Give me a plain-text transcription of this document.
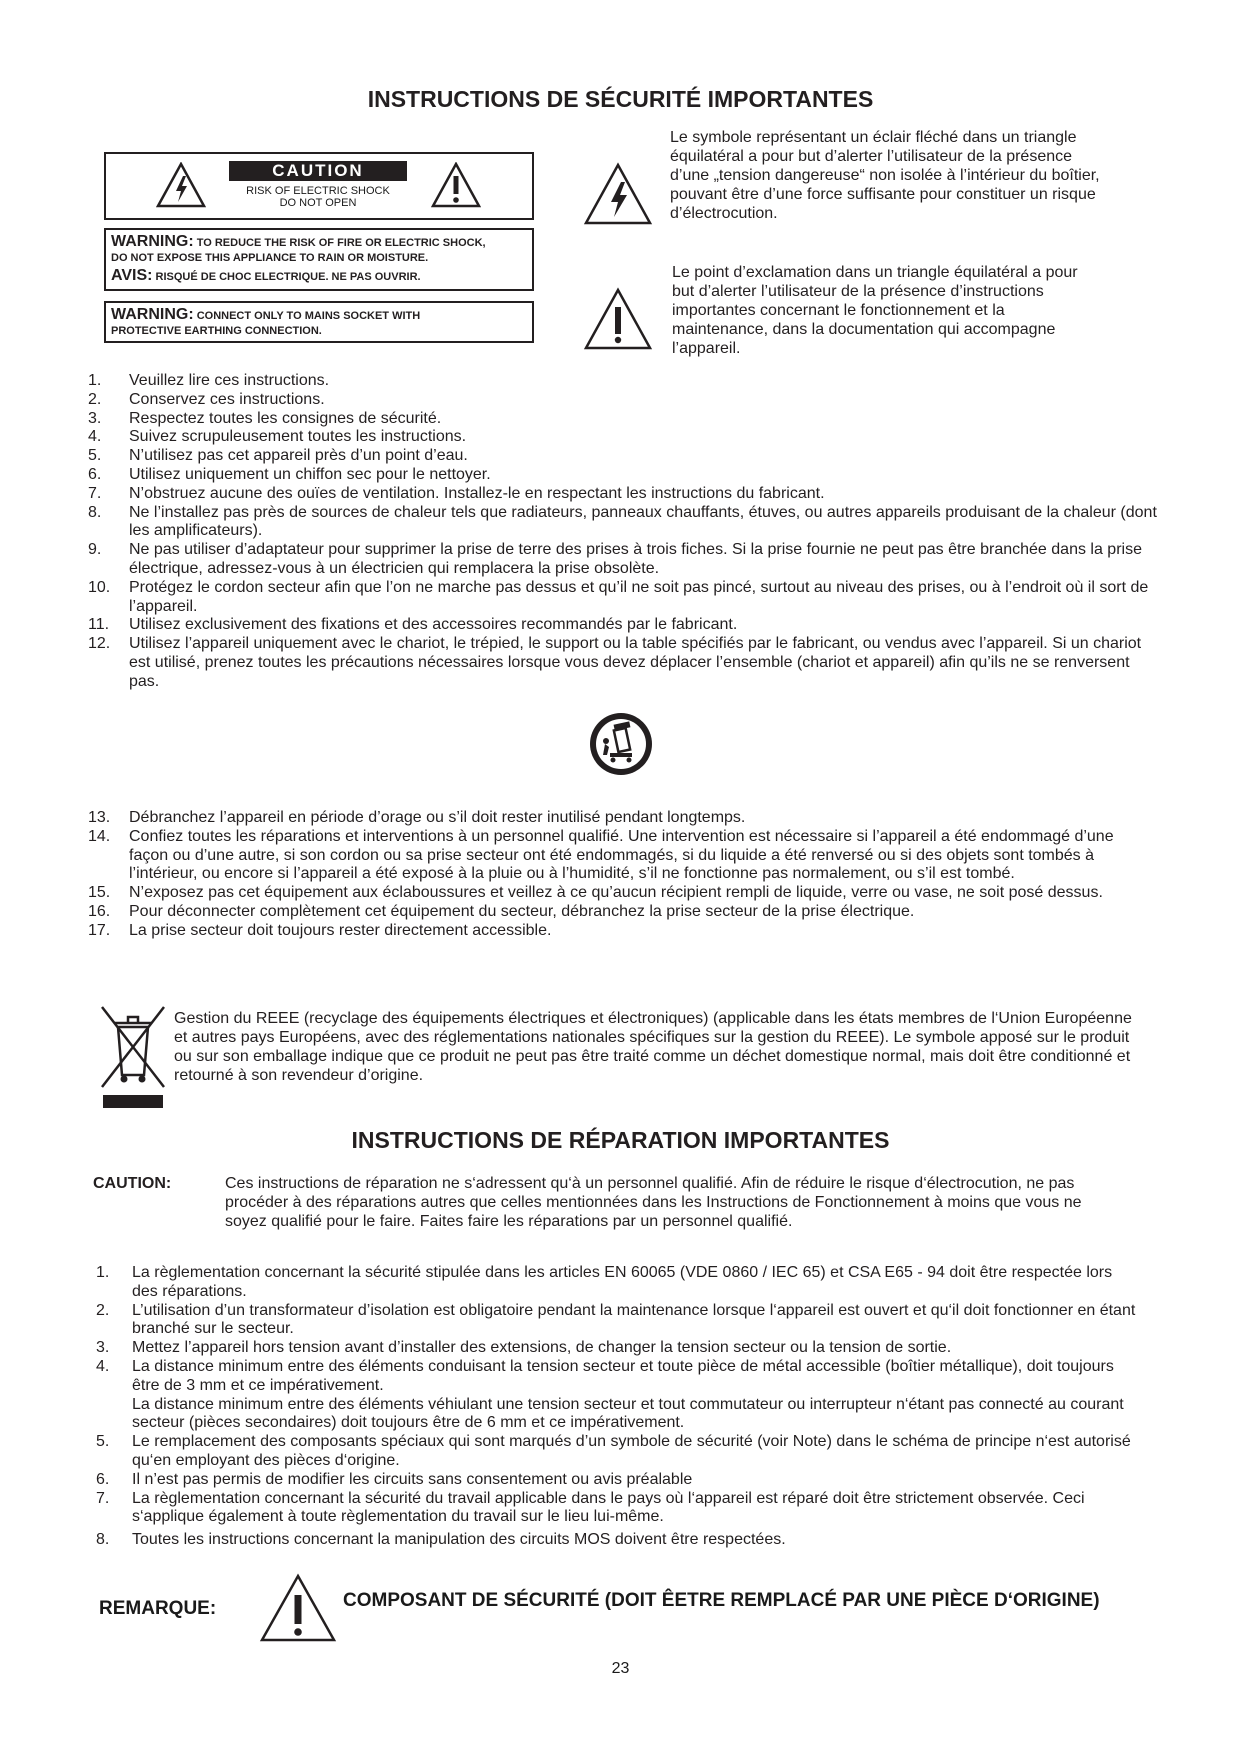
INSTRUCTIONS DE SÉCURITÉ IMPORTANTES
CAUTION
RISK OF ELECTRIC SHOCK
DO NOT OPEN
WARNING: TO REDUCE THE RISK OF FIRE OR ELECTRIC SHOCK,
DO NOT EXPOSE THIS APPLIANCE TO RAIN OR MOISTURE.
AVIS: RISQUÉ DE CHOC ELECTRIQUE. NE PAS OUVRIR.
WARNING: CONNECT ONLY TO MAINS SOCKET WITH
PROTECTIVE EARTHING CONNECTION.
Le symbole représentant un éclair fléché dans un triangle équilatéral a pour but d’alerter l’utilisateur de la présence d’une „tension dangereuse“ non isolée à l’intérieur du boîtier, pouvant être d’une force suffisante pour constituer un risque d’électrocution.
Le point d’exclamation dans un triangle équilatéral a pour but d’alerter l’utilisateur de la présence d’instructions importantes concernant le fonctionnement et la maintenance, dans la documentation qui accompagne l’appareil.
1. Veuillez lire ces instructions.
2. Conservez ces instructions.
3. Respectez toutes les consignes de sécurité.
4. Suivez scrupuleusement toutes les instructions.
5. N’utilisez pas cet appareil près d’un point d’eau.
6. Utilisez uniquement un chiffon sec pour le nettoyer.
7. N’obstruez aucune des ouïes de ventilation. Installez-le en respectant les instructions du fabricant.
8. Ne l’installez pas près de sources de chaleur tels que radiateurs, panneaux chauffants, étuves, ou autres appareils produisant de la chaleur (dont les amplificateurs).
9. Ne pas utiliser d’adaptateur pour supprimer la prise de terre des prises à trois fiches. Si la prise fournie ne peut pas être branchée dans la prise électrique, adressez-vous à un électricien qui remplacera la prise obsolète.
10. Protégez le cordon secteur afin que l’on ne marche pas dessus et qu’il ne soit pas pincé, surtout au niveau des prises, ou à l’endroit où il sort de l’appareil.
11. Utilisez exclusivement des fixations et des accessoires recommandés par le fabricant.
12. Utilisez l’appareil uniquement avec le chariot, le trépied, le support ou la table spécifiés par le fabricant, ou vendus avec l’appareil. Si un chariot est utilisé, prenez toutes les précautions nécessaires lorsque vous devez déplacer l’ensemble (chariot et appareil) afin qu’ils ne se renversent pas.
13. Débranchez l’appareil en période d’orage ou s’il doit rester inutilisé pendant longtemps.
14. Confiez toutes les réparations et interventions à un personnel qualifié. Une intervention est nécessaire si l’appareil a été endommagé d’une façon ou d’une autre, si son cordon ou sa prise secteur ont été endommagés, si du liquide a été renversé ou si des objets sont tombés à l’intérieur, ou encore si l’appareil a été exposé à la pluie ou à l’humidité, s’il ne fonctionne pas normalement, ou s’il est tombé.
15. N’exposez pas cet équipement aux éclaboussures et veillez à ce qu’aucun récipient rempli de liquide, verre ou vase, ne soit posé dessus.
16. Pour déconnecter complètement cet équipement du secteur, débranchez la prise secteur de la prise électrique.
17. La prise secteur doit toujours rester directement accessible.
Gestion du REEE (recyclage des équipements électriques et électroniques) (applicable dans les états membres de l‘Union Européenne et autres pays Européens, avec des réglementations nationales spécifiques sur la gestion du REEE). Le symbole apposé sur le produit ou sur son emballage indique que ce produit ne peut pas être traité comme un déchet domestique normal, mais doit être conditionné et retourné à son revendeur d’origine.
INSTRUCTIONS DE RÉPARATION IMPORTANTES
CAUTION:	Ces instructions de réparation ne s‘adressent qu‘à un personnel qualifié. Afin de réduire le risque d‘électrocution, ne pas procéder à des réparations autres que celles mentionnées dans les Instructions de Fonctionnement à moins que vous ne soyez qualifié pour le faire. Faites faire les réparations par un personnel qualifié.
1. La règlementation concernant la sécurité stipulée dans les articles EN 60065 (VDE 0860 / IEC 65) et CSA E65 - 94 doit être respectée lors des réparations.
2. L’utilisation d’un transformateur d’isolation est obligatoire pendant la maintenance lorsque l‘appareil est ouvert et qu‘il doit fonctionner en étant branché sur le secteur.
3. Mettez l’appareil hors tension avant d’installer des extensions, de changer la tension secteur ou la tension de sortie.
4. La distance minimum entre des éléments conduisant la tension secteur et toute pièce de métal accessible (boîtier métallique), doit toujours être de 3 mm et ce impérativement.
La distance minimum entre des éléments véhiulant une tension secteur et tout commutateur ou interrupteur n‘étant pas connecté au courant secteur (pièces secondaires) doit toujours être de 6 mm et ce impérativement.
5. Le remplacement des composants spéciaux qui sont marqués d’un symbole de sécurité (voir Note) dans le schéma de principe n‘est autorisé qu‘en employant des pièces d‘origine.
6. Il n’est pas permis de modifier les circuits sans consentement ou avis préalable
7. La règlementation concernant la sécurité du travail applicable dans le pays où l‘appareil est réparé doit être strictement observée. Ceci s‘applique également à toute règlementation du travail sur le lieu lui-même.
8. Toutes les instructions concernant la manipulation des circuits MOS doivent être respectées.
REMARQUE:	COMPOSANT DE SÉCURITÉ (DOIT ÊETRE REMPLACÉ PAR UNE PIÈCE D‘ORIGINE)
23
